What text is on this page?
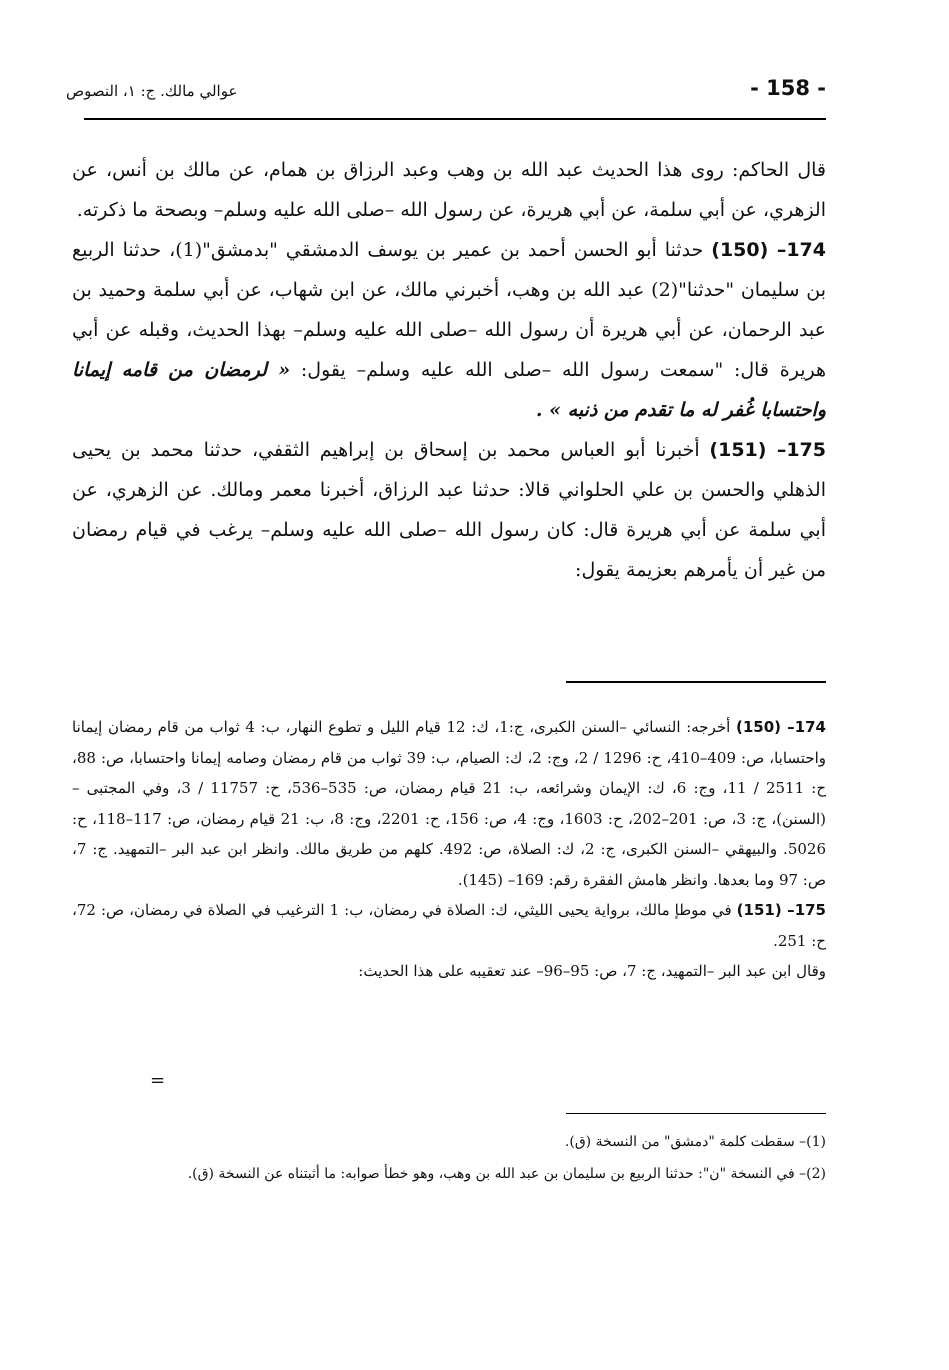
- 158 -
عوالي مالك. ج: ١، النصوص

قال الحاكم: روى هذا الحديث عبد الله بن وهب وعبد الرزاق بن همام، عن مالك بن أنس، عن الزهري، عن أبي سلمة، عن أبي هريرة، عن رسول الله –صلى الله عليه وسلم– وبصحة ما ذكرته.

174– (150) حدثنا أبو الحسن أحمد بن عمير بن يوسف الدمشقي "بدمشق"(1)، حدثنا الربيع بن سليمان "حدثنا"(2) عبد الله بن وهب، أخبرني مالك، عن ابن شهاب، عن أبي سلمة وحميد بن عبد الرحمان، عن أبي هريرة أن رسول الله –صلى الله عليه وسلم– بهذا الحديث، وقبله عن أبي هريرة قال: "سمعت رسول الله –صلى الله عليه وسلم– يقول: « لرمضان من قامه إيمانا واحتسابا غُفر له ما تقدم من ذنبه » .

175– (151) أخبرنا أبو العباس محمد بن إسحاق بن إبراهيم الثقفي، حدثنا محمد بن يحيى الذهلي والحسن بن علي الحلواني قالا: حدثنا عبد الرزاق، أخبرنا معمر ومالك. عن الزهري، عن أبي سلمة عن أبي هريرة قال: كان رسول الله –صلى الله عليه وسلم– يرغب في قيام رمضان من غير أن يأمرهم بعزيمة يقول:

174– (150) أخرجه: النسائي –السنن الكبرى، ج:1، ك: 12 قيام الليل و تطوع النهار، ب: 4 ثواب من قام رمضان إيمانا واحتسابا، ص: 409–410، ح: 1296 / 2، وج: 2، ك: الصيام، ب: 39 ثواب من قام رمضان وصامه إيمانا واحتسابا، ص: 88، ح: 2511 / 11، وج: 6، ك: الإيمان وشرائعه، ب: 21 قيام رمضان، ص: 535–536، ح: 11757 / 3، وفي المجتبى –(السنن)، ج: 3، ص: 201–202، ح: 1603، وج: 4، ص: 156، ح: 2201، وج: 8، ب: 21 قيام رمضان، ص: 117–118، ح: 5026. والبيهقي –السنن الكبرى، ج: 2، ك: الصلاة، ص: 492. كلهم من طريق مالك. وانظر ابن عبد البر –التمهيد. ج: 7، ص: 97 وما بعدها. وانظر هامش الفقرة رقم: 169– (145).

175– (151) في موطإ مالك، برواية يحيى الليثي، ك: الصلاة في رمضان، ب: 1 الترغيب في الصلاة في رمضان، ص: 72، ح: 251.

وقال ابن عبد البر –التمهيد، ج: 7، ص: 95–96– عند تعقيبه على هذا الحديث:

=

(1)– سقطت كلمة "دمشق" من النسخة (ق).

(2)– في النسخة "ن": حدثنا الربيع بن سليمان بن عبد الله بن وهب، وهو خطأ صوابه: ما أثبتناه عن النسخة (ق).
